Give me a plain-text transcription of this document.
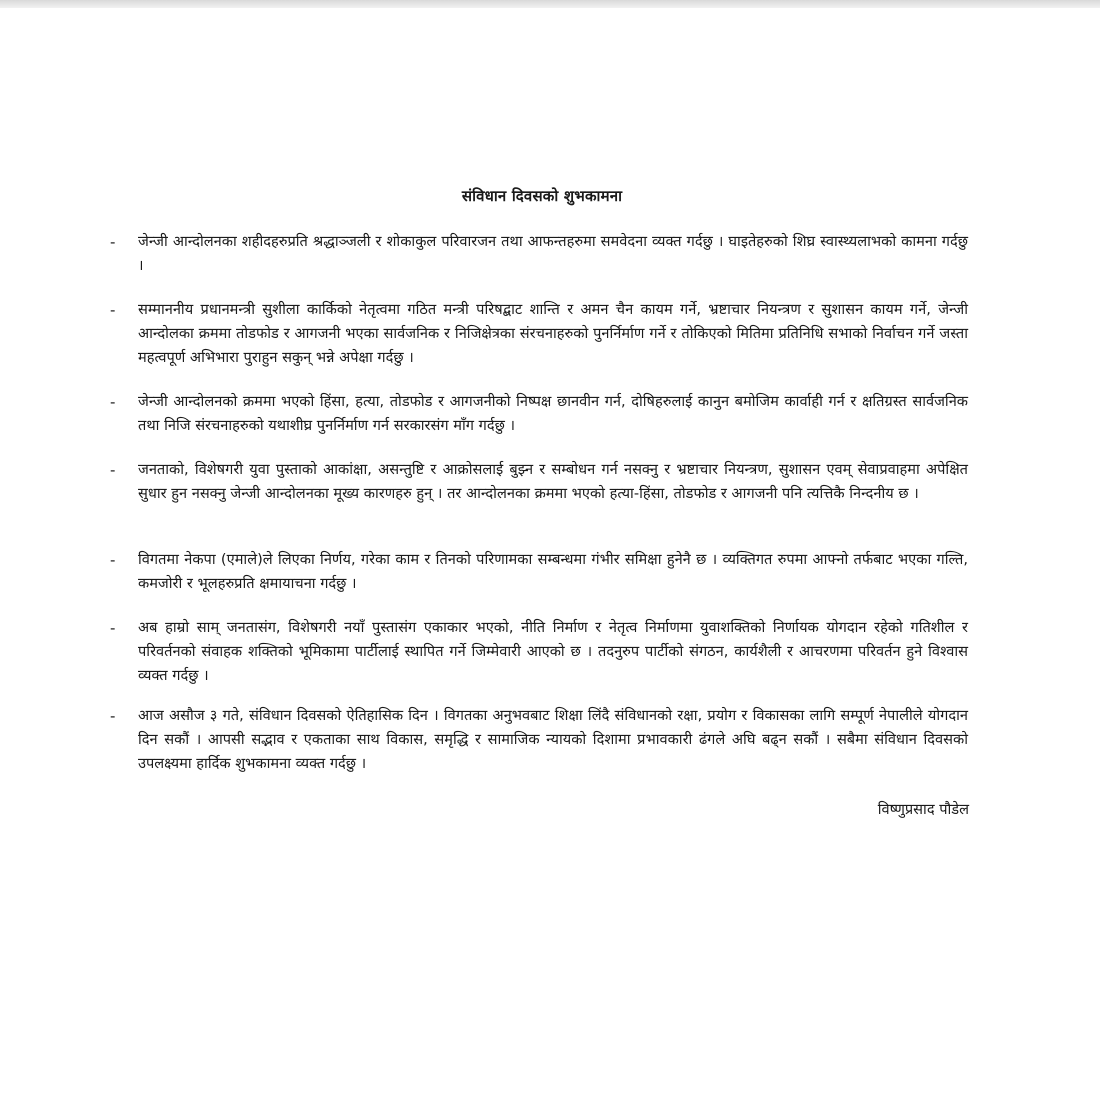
संविधान दिवसको शुभकामना
-	जेन्जी आन्दोलनका शहीदहरुप्रति श्रद्धाञ्जली र शोकाकुल परिवारजन तथा आफन्तहरुमा समवेदना व्यक्त गर्दछु । घाइतेहरुको शिघ्र स्वास्थ्यलाभको कामना गर्दछु ।
-	सम्माननीय प्रधानमन्त्री सुशीला कार्किको नेतृत्वमा गठित मन्त्री परिषद्बाट शान्ति र अमन चैन कायम गर्ने, भ्रष्टाचार नियन्त्रण र सुशासन कायम गर्ने, जेन्जी आन्दोलका क्रममा तोडफोड र आगजनी भएका सार्वजनिक र निजिक्षेत्रका संरचनाहरुको पुनर्निर्माण गर्ने र तोकिएको मितिमा प्रतिनिधि सभाको निर्वाचन गर्ने जस्ता महत्वपूर्ण अभिभारा पुराहुन सकुन् भन्ने अपेक्षा गर्दछु ।
-	जेन्जी आन्दोलनको क्रममा भएको हिंसा, हत्या, तोडफोड र आगजनीको निष्पक्ष छानवीन गर्न, दोषिहरुलाई कानुन बमोजिम कार्वाही गर्न र क्षतिग्रस्त सार्वजनिक तथा निजि संरचनाहरुको यथाशीघ्र पुनर्निर्माण गर्न सरकारसंग माँग गर्दछु ।
-	जनताको, विशेषगरी युवा पुस्ताको आकांक्षा, असन्तुष्टि र आक्रोसलाई बुझ्न र सम्बोधन गर्न नसक्नु र भ्रष्टाचार नियन्त्रण, सुशासन एवम् सेवाप्रवाहमा अपेक्षित सुधार हुन नसक्नु जेन्जी आन्दोलनका मूख्य कारणहरु हुन् । तर आन्दोलनका क्रममा भएको हत्या-हिंसा, तोडफोड र आगजनी पनि त्यत्तिकै निन्दनीय छ ।
-	विगतमा नेकपा (एमाले)ले लिएका निर्णय, गरेका काम र तिनको परिणामका सम्बन्धमा गंभीर समिक्षा हुनेनै छ । व्यक्तिगत रुपमा आफ्नो तर्फबाट भएका गल्ति, कमजोरी र भूलहरुप्रति क्षमायाचना गर्दछु ।
-	अब हाम्रो साम् जनतासंग, विशेषगरी नयाँ पुस्तासंग एकाकार भएको, नीति निर्माण र नेतृत्व निर्माणमा युवाशक्तिको निर्णायक योगदान रहेको गतिशील र परिवर्तनको संवाहक शक्तिको भूमिकामा पार्टीलाई स्थापित गर्ने जिम्मेवारी आएको छ । तदनुरुप पार्टीको संगठन, कार्यशैली र आचरणमा परिवर्तन हुने विश्वास व्यक्त गर्दछु ।
-	आज असौज ३ गते, संविधान दिवसको ऐतिहासिक दिन । विगतका अनुभवबाट शिक्षा लिंदै संविधानको रक्षा, प्रयोग र विकासका लागि सम्पूर्ण नेपालीले योगदान दिन सकौं । आपसी सद्भाव र एकताका साथ विकास, समृद्धि र सामाजिक न्यायको दिशामा प्रभावकारी ढंगले अघि बढ्न सकौं । सबैमा संविधान दिवसको उपलक्ष्यमा हार्दिक शुभकामना व्यक्त गर्दछु ।
विष्णुप्रसाद पौडेल
